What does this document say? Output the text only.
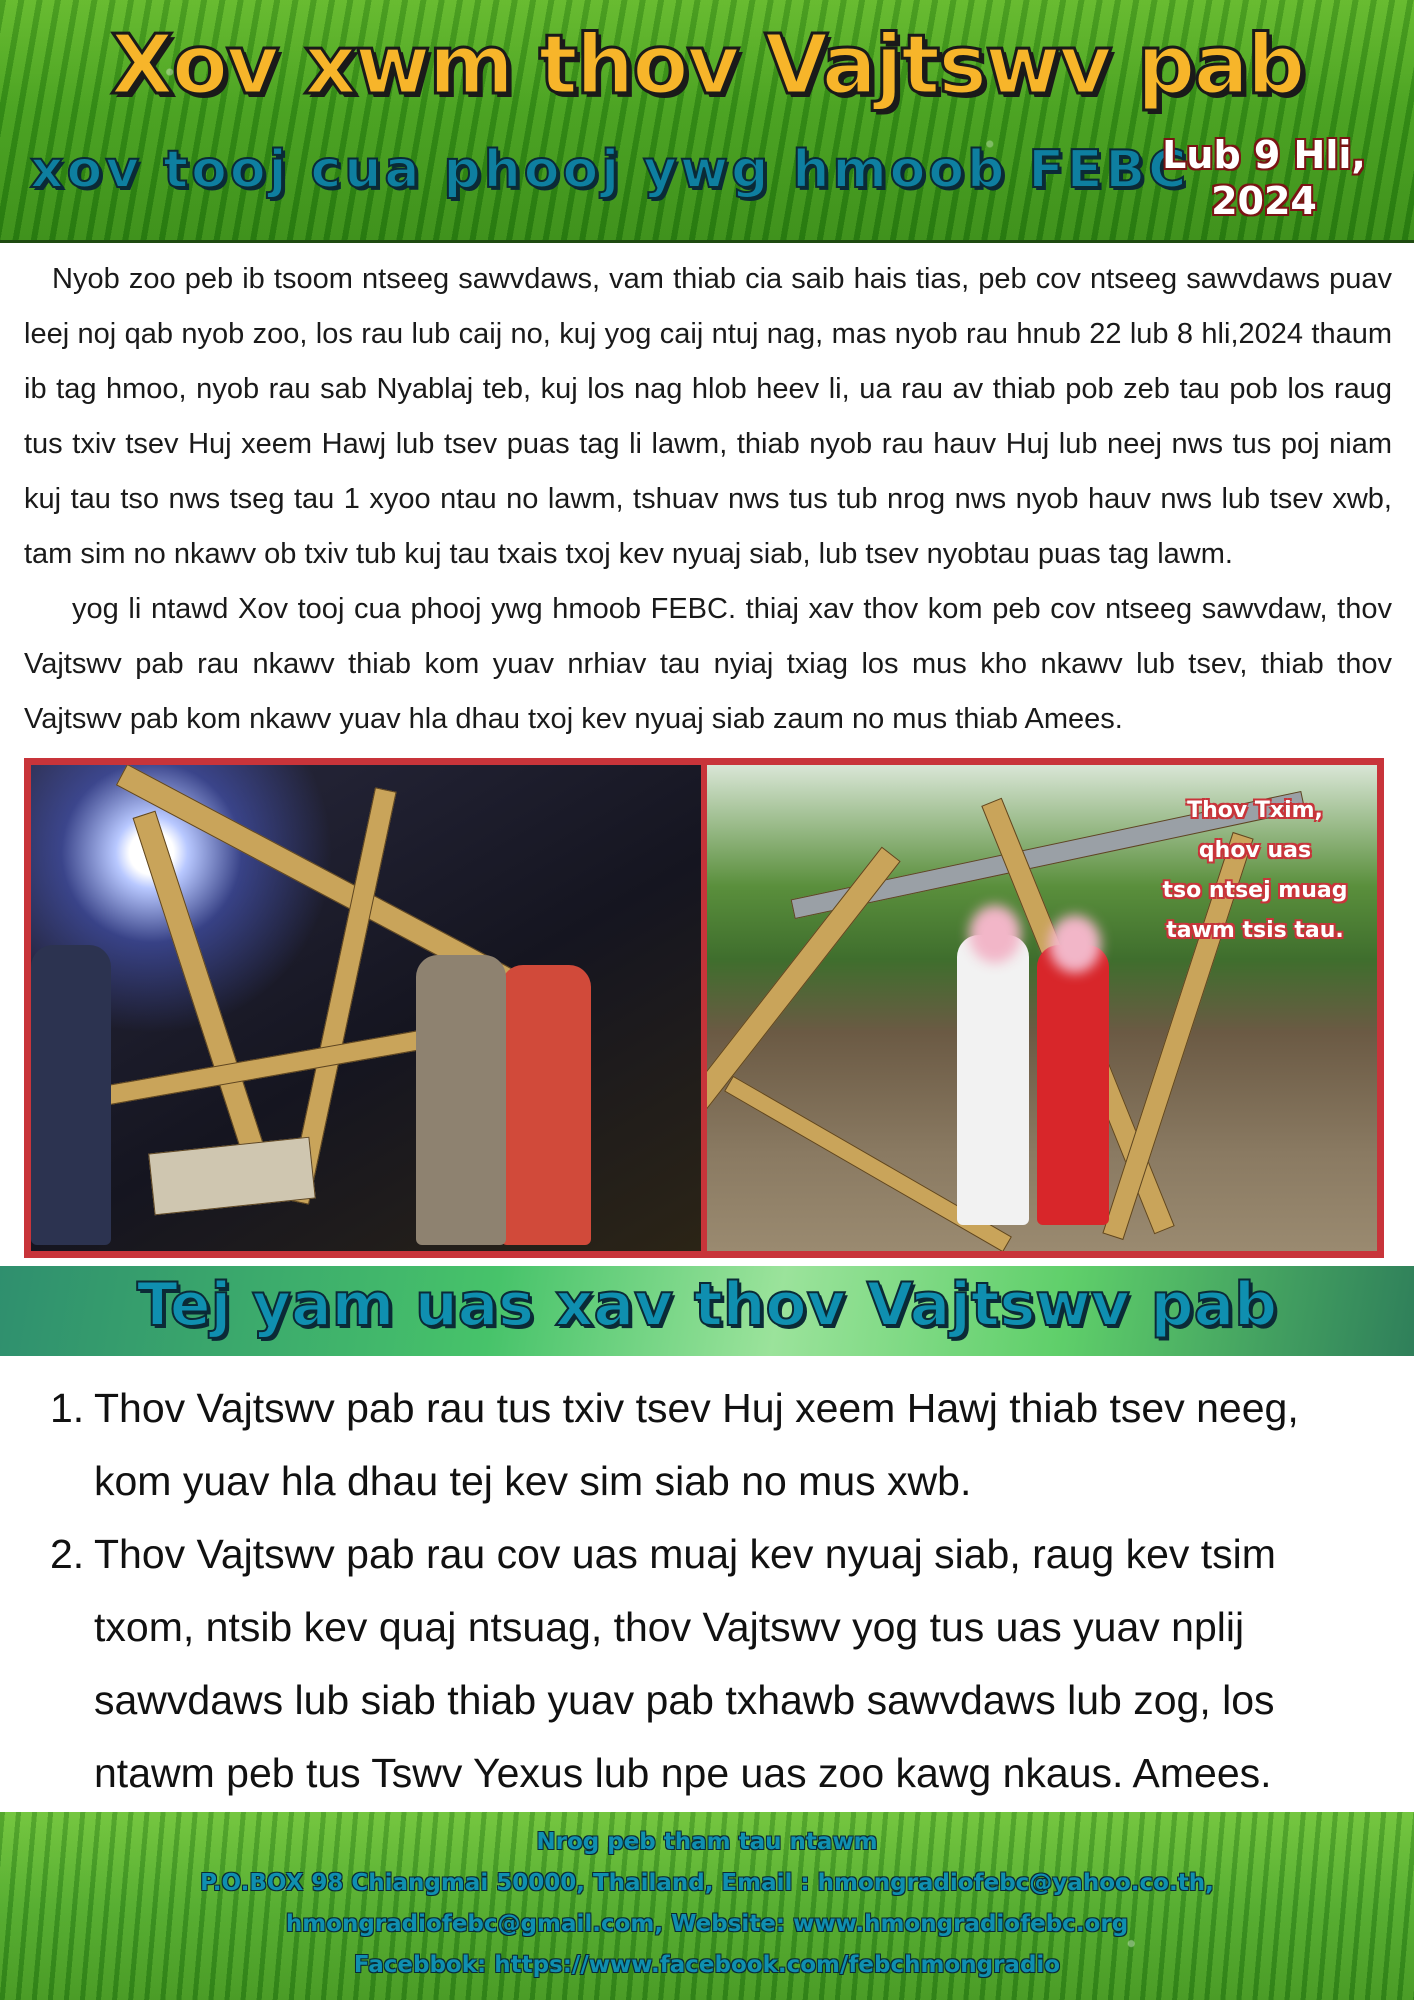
Xov xwm thov Vajtswv pab
xov tooj cua phooj ywg hmoob FEBC
Lub 9 Hli,
2024

Nyob zoo peb ib tsoom ntseeg sawvdaws, vam thiab cia saib hais tias, peb cov ntseeg sawvdaws puav leej noj qab nyob zoo, los rau lub caij no, kuj yog caij ntuj nag, mas nyob rau hnub 22 lub 8 hli,2024 thaum ib tag hmoo, nyob rau sab Nyablaj teb, kuj los nag hlob heev li, ua rau av thiab pob zeb tau pob los raug tus txiv tsev Huj xeem Hawj lub tsev puas tag li lawm, thiab nyob rau hauv Huj lub neej nws tus poj niam kuj tau tso nws tseg tau 1 xyoo ntau no lawm, tshuav nws tus tub nrog nws nyob hauv nws lub tsev xwb, tam sim no nkawv ob txiv tub kuj tau txais txoj kev nyuaj siab, lub tsev nyobtau puas tag lawm.

yog li ntawd Xov tooj cua phooj ywg hmoob FEBC. thiaj xav thov kom peb cov ntseeg sawvdaw, thov Vajtswv pab rau nkawv thiab kom yuav nrhiav tau nyiaj txiag los mus kho nkawv lub tsev, thiab thov Vajtswv pab kom nkawv yuav hla dhau txoj kev nyuaj siab zaum no mus thiab Amees.

Thov Txim,
qhov uas
tso ntsej muag
tawm tsis tau.
Tej yam uas xav thov Vajtswv pab
1. Thov Vajtswv pab rau tus txiv tsev Huj xeem Hawj thiab tsev neeg, kom yuav hla dhau tej kev sim siab no mus xwb.
2. Thov Vajtswv pab rau cov uas muaj kev nyuaj siab, raug kev tsim txom, ntsib kev quaj ntsuag, thov Vajtswv yog tus uas yuav nplij sawvdaws lub siab thiab yuav pab txhawb sawvdaws lub zog, los ntawm peb tus Tswv Yexus lub npe uas zoo kawg nkaus. Amees.
Nrog peb tham tau ntawm
P.O.BOX 98 Chiangmai 50000, Thailand, Email : hmongradiofebc@yahoo.co.th,
hmongradiofebc@gmail.com, Website: www.hmongradiofebc.org
Facebbok: https://www.facebook.com/febchmongradio
